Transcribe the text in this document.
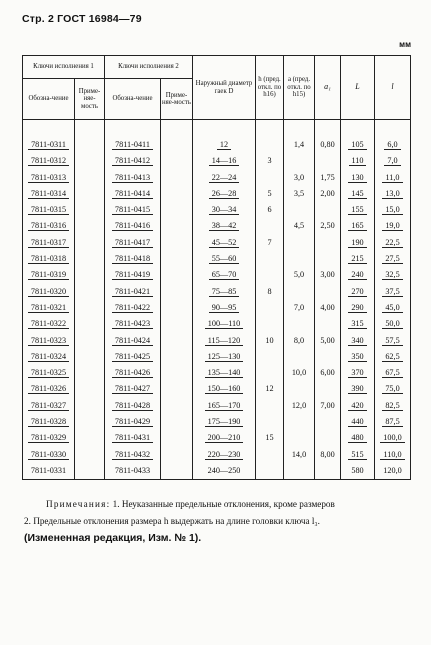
Стр. 2 ГОСТ 16984—79
мм
Ключи исполнения 1		Ключи исполнения 2		Наружный диаметр гаек D	h (пред. откл. по h16)	a (пред. откл. по h15)	a₁	L	l
Обозна-чение	Приме-няе-мость	Обозна-чение	Приме-няе-мость						

7811-0311		7811-0411		12		1,4	0,80	105	6,0
7811-0312		7811-0412		14—16	3			110	7,0
7811-0313		7811-0413		22—24		3,0	1,75	130	11,0
7811-0314		7811-0414		26—28	5	3,5	2,00	145	13,0
7811-0315		7811-0415		30—34	6			155	15,0
7811-0316		7811-0416		38—42		4,5	2,50	165	19,0
7811-0317		7811-0417		45—52	7			190	22,5
7811-0318		7811-0418		55—60				215	27,5
7811-0319		7811-0419		65—70		5,0	3,00	240	32,5
7811-0320		7811-0421		75—85	8			270	37,5
7811-0321		7811-0422		90—95		7,0	4,00	290	45,0
7811-0322		7811-0423		100—110				315	50,0
7811-0323		7811-0424		115—120	10	8,0	5,00	340	57,5
7811-0324		7811-0425		125—130				350	62,5
7811-0325		7811-0426		135—140		10,0	6,00	370	67,5
7811-0326		7811-0427		150—160	12			390	75,0
7811-0327		7811-0428		165—170		12,0	7,00	420	82,5
7811-0328		7811-0429		175—190				440	87,5
7811-0329		7811-0431		200—210	15			480	100,0
7811-0330		7811-0432		220—230		14,0	8,00	515	110,0
7811-0331		7811-0433		240—250				580	120,0
Примечания: 1. Неуказанные предельные отклонения, кроме размеров
2. Предельные отклонения размера h выдержать на длине головки ключа l₃.
(Измененная редакция, Изм. № 1).
